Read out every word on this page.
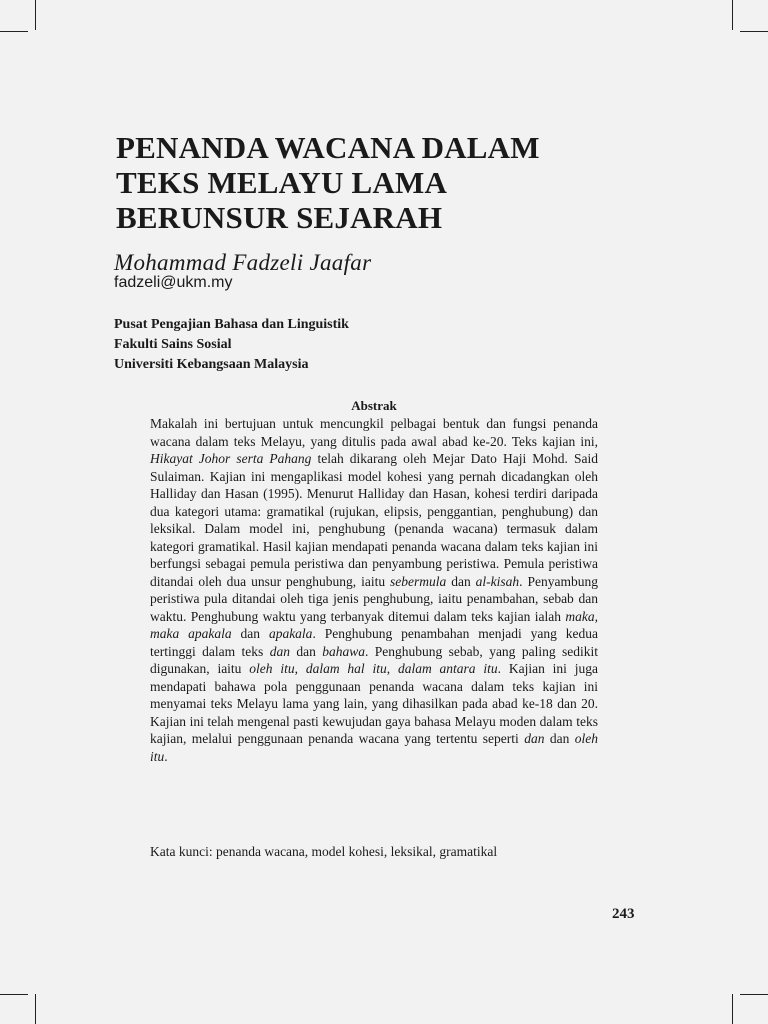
PENANDA WACANA DALAM
TEKS MELAYU LAMA
BERUNSUR SEJARAH

Mohammad Fadzeli Jaafar

fadzeli@ukm.my

Pusat Pengajian Bahasa dan Linguistik
Fakulti Sains Sosial
Universiti Kebangsaan Malaysia

Abstrak

Makalah ini bertujuan untuk mencungkil pelbagai bentuk dan fungsi penanda wacana dalam teks Melayu, yang ditulis pada awal abad ke-20. Teks kajian ini, Hikayat Johor serta Pahang telah dikarang oleh Mejar Dato Haji Mohd. Said Sulaiman. Kajian ini mengaplikasi model kohesi yang pernah dicadangkan oleh Halliday dan Hasan (1995). Menurut Halliday dan Hasan, kohesi terdiri daripada dua kategori utama: gramatikal (rujukan, elipsis, penggantian, penghubung) dan leksikal. Dalam model ini, penghubung (penanda wacana) termasuk dalam kategori gramatikal. Hasil kajian mendapati penanda wacana dalam teks kajian ini berfungsi sebagai pemula peristiwa dan penyambung peristiwa. Pemula peristiwa ditandai oleh dua unsur penghubung, iaitu sebermula dan al-kisah. Penyambung peristiwa pula ditandai oleh tiga jenis penghubung, iaitu penambahan, sebab dan waktu. Penghubung waktu yang terbanyak ditemui dalam teks kajian ialah maka, maka apakala dan apakala. Penghubung penambahan menjadi yang kedua tertinggi dalam teks dan dan bahawa. Penghubung sebab, yang paling sedikit digunakan, iaitu oleh itu, dalam hal itu, dalam antara itu. Kajian ini juga mendapati bahawa pola penggunaan penanda wacana dalam teks kajian ini menyamai teks Melayu lama yang lain, yang dihasilkan pada abad ke-18 dan 20. Kajian ini telah mengenal pasti kewujudan gaya bahasa Melayu moden dalam teks kajian, melalui penggunaan penanda wacana yang tertentu seperti dan dan oleh itu.

Kata kunci: penanda wacana, model kohesi, leksikal, gramatikal

243
